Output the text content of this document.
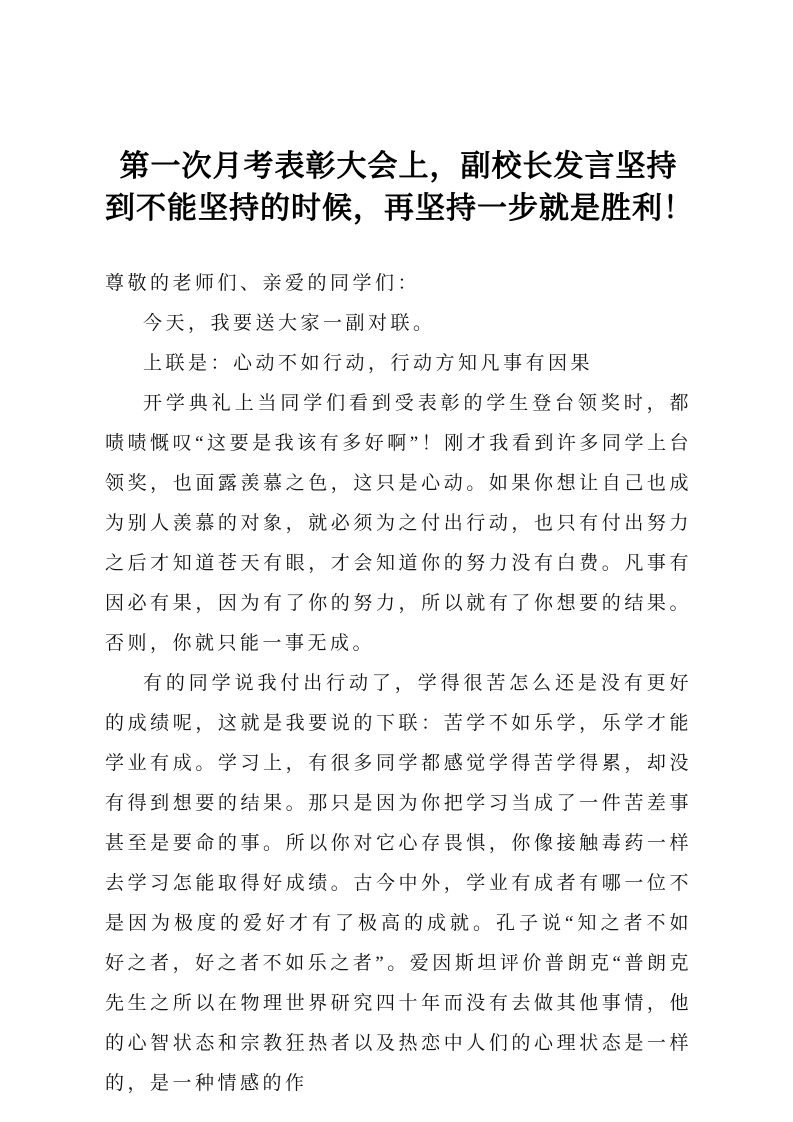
第一次月考表彰大会上，副校长发言坚持
到不能坚持的时候，再坚持一步就是胜利！

尊敬的老师们、亲爱的同学们：

今天，我要送大家一副对联。

上联是：心动不如行动，行动方知凡事有因果

开学典礼上当同学们看到受表彰的学生登台领奖时，都啧啧慨叹“这要是我该有多好啊”！刚才我看到许多同学上台领奖，也面露羡慕之色，这只是心动。如果你想让自己也成为别人羡慕的对象，就必须为之付出行动，也只有付出努力之后才知道苍天有眼，才会知道你的努力没有白费。凡事有因必有果，因为有了你的努力，所以就有了你想要的结果。否则，你就只能一事无成。

有的同学说我付出行动了，学得很苦怎么还是没有更好的成绩呢，这就是我要说的下联：苦学不如乐学，乐学才能学业有成。学习上，有很多同学都感觉学得苦学得累，却没有得到想要的结果。那只是因为你把学习当成了一件苦差事甚至是要命的事。所以你对它心存畏惧，你像接触毒药一样去学习怎能取得好成绩。古今中外，学业有成者有哪一位不是因为极度的爱好才有了极高的成就。孔子说“知之者不如好之者，好之者不如乐之者”。爱因斯坦评价普朗克“普朗克先生之所以在物理世界研究四十年而没有去做其他事情，他的心智状态和宗教狂热者以及热恋中人们的心理状态是一样的，是一种情感的作
